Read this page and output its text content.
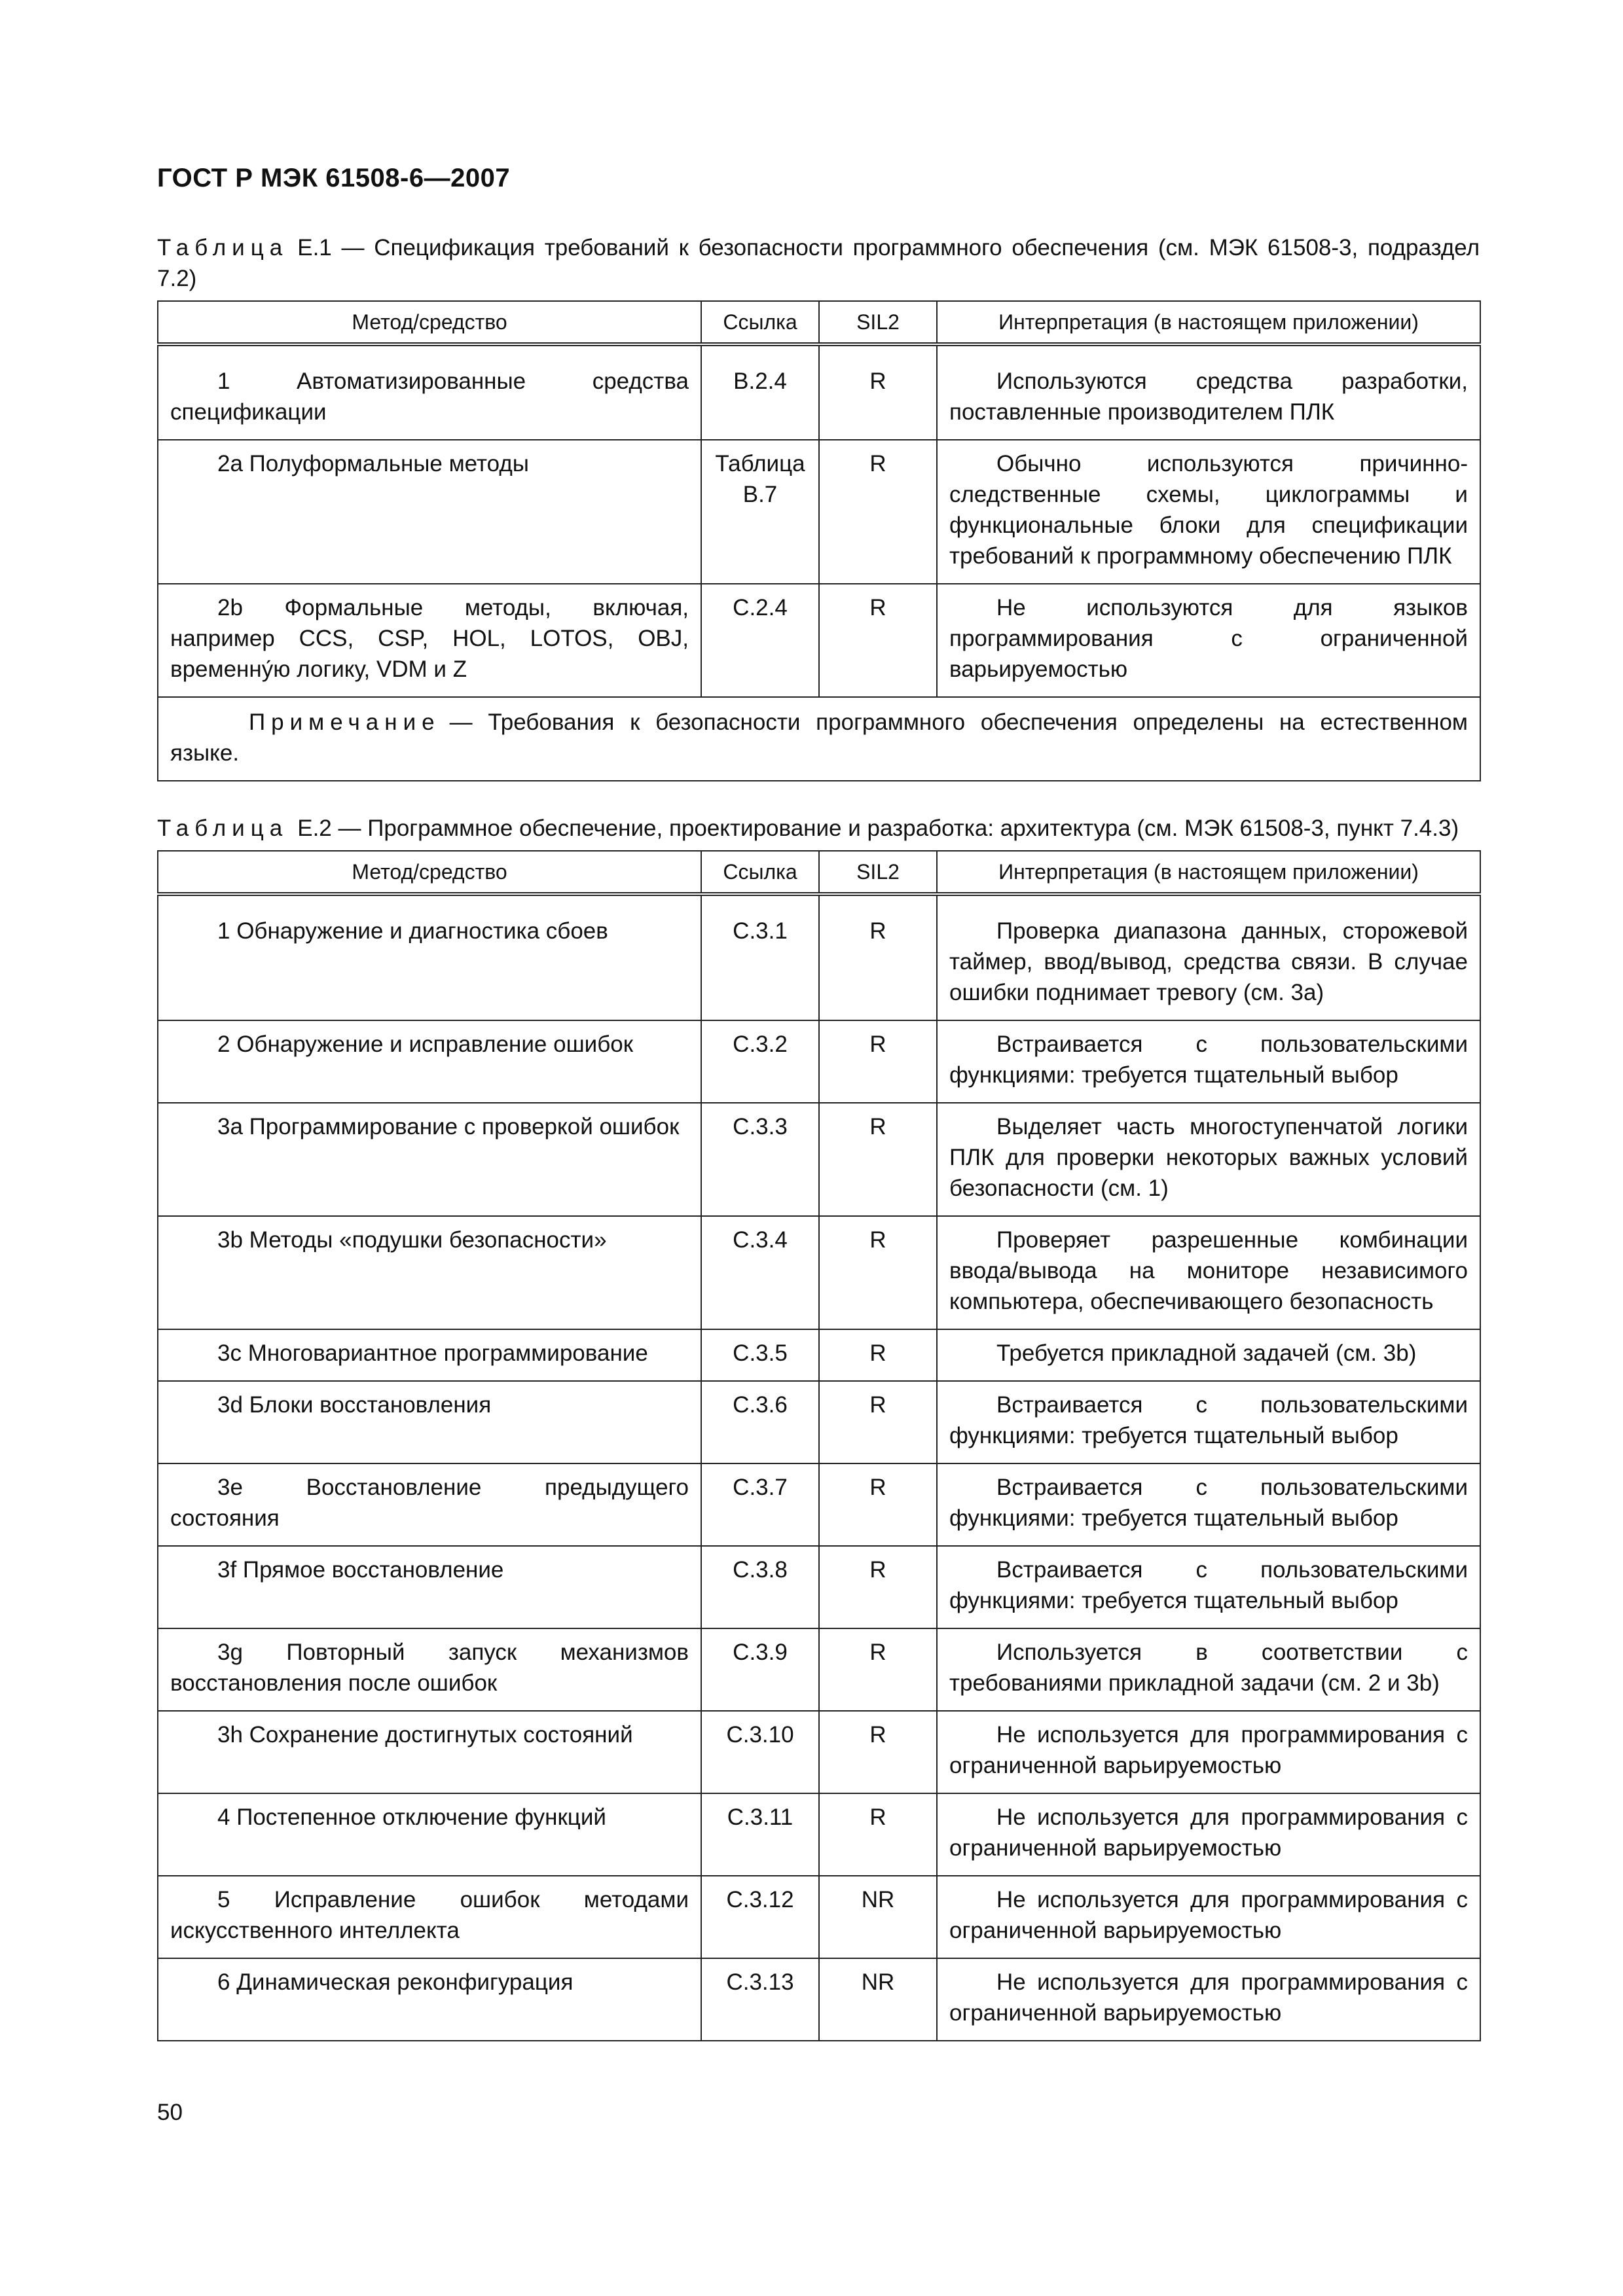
ГОСТ Р МЭК 61508-6—2007

Таблица Е.1 — Спецификация требований к безопасности программного обеспечения (см. МЭК 61508-3, подраздел 7.2)

Метод/средство	Ссылка	SIL2	Интерпретация (в настоящем приложении)
1 Автоматизированные средства спецификации	B.2.4	R	Используются средства разработки, поставленные производителем ПЛК
2a Полуформальные методы	Таблица B.7	R	Обычно используются причинно-следственные схемы, циклограммы и функциональные блоки для спецификации требований к программному обеспечению ПЛК
2b Формальные методы, включая, например CCS, CSP, HOL, LOTOS, OBJ, временну́ю логику, VDM и Z	C.2.4	R	Не используются для языков программирования с ограниченной варьируемостью
Примечание — Требования к безопасности программного обеспечения определены на естественном языке.			

Таблица Е.2 — Программное обеспечение, проектирование и разработка: архитектура (см. МЭК 61508-3, пункт 7.4.3)

Метод/средство	Ссылка	SIL2	Интерпретация (в настоящем приложении)
1 Обнаружение и диагностика сбоев	C.3.1	R	Проверка диапазона данных, сторожевой таймер, ввод/вывод, средства связи. В случае ошибки поднимает тревогу (см. 3а)
2 Обнаружение и исправление ошибок	C.3.2	R	Встраивается с пользовательскими функциями: требуется тщательный выбор
3a Программирование с проверкой ошибок	C.3.3	R	Выделяет часть многоступенчатой логики ПЛК для проверки некоторых важных условий безопасности (см. 1)
3b Методы «подушки безопасности»	C.3.4	R	Проверяет разрешенные комбинации ввода/вывода на мониторе независимого компьютера, обеспечивающего безопасность
3c Многовариантное программирование	C.3.5	R	Требуется прикладной задачей (см. 3b)
3d Блоки восстановления	C.3.6	R	Встраивается с пользовательскими функциями: требуется тщательный выбор
3e Восстановление предыдущего состояния	C.3.7	R	Встраивается с пользовательскими функциями: требуется тщательный выбор
3f Прямое восстановление	C.3.8	R	Встраивается с пользовательскими функциями: требуется тщательный выбор
3g Повторный запуск механизмов восстановления после ошибок	C.3.9	R	Используется в соответствии с требованиями прикладной задачи (см. 2 и 3b)
3h Сохранение достигнутых состояний	C.3.10	R	Не используется для программирования с ограниченной варьируемостью
4 Постепенное отключение функций	C.3.11	R	Не используется для программирования с ограниченной варьируемостью
5 Исправление ошибок методами искусственного интеллекта	C.3.12	NR	Не используется для программирования с ограниченной варьируемостью
6 Динамическая реконфигурация	C.3.13	NR	Не используется для программирования с ограниченной варьируемостью
50
